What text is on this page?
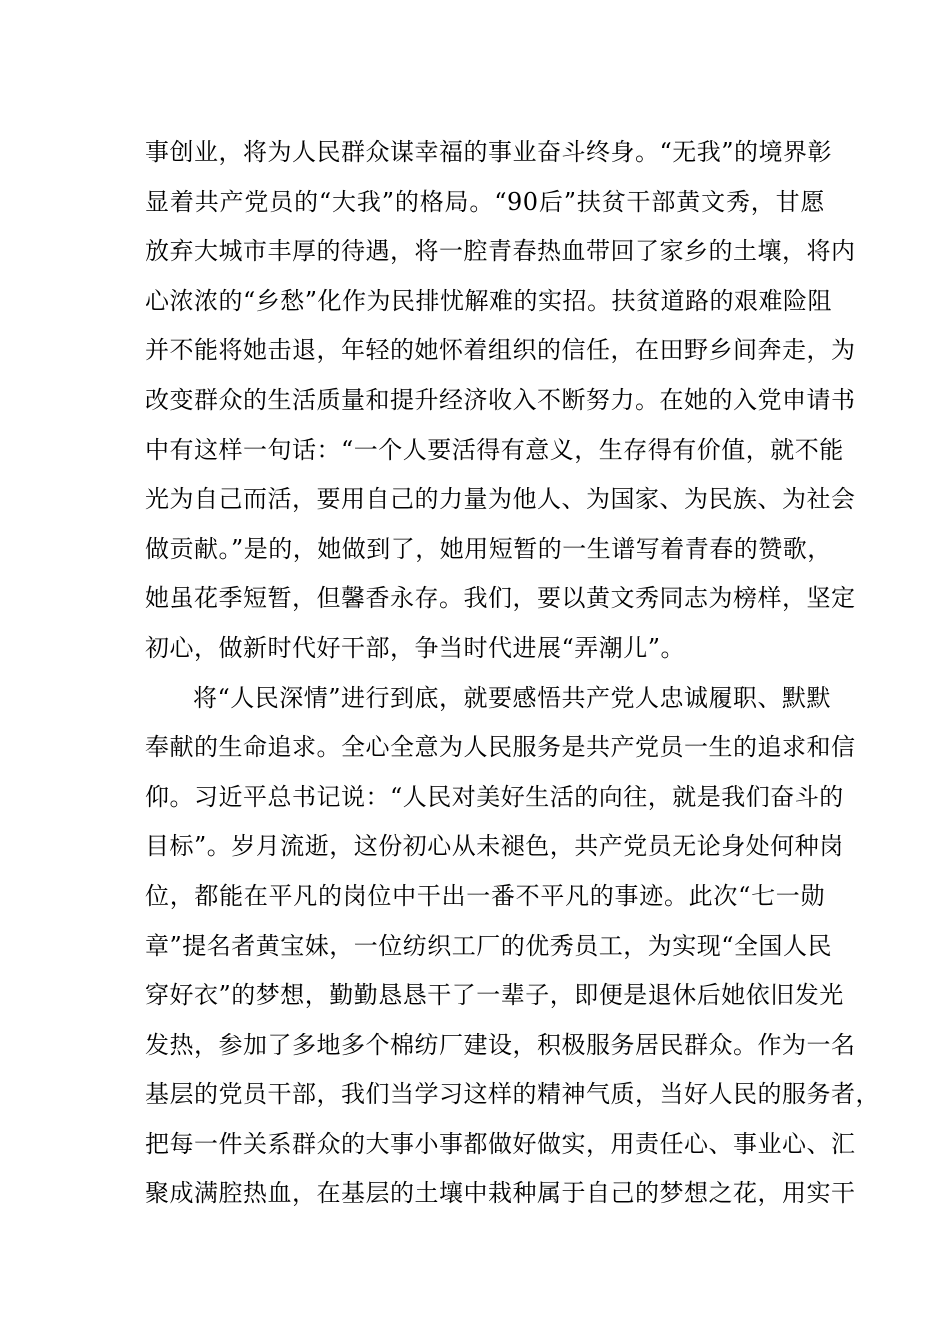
事创业，将为人民群众谋幸福的事业奋斗终身。“无我”的境界彰
显着共产党员的“大我”的格局。“90后”扶贫干部黄文秀，甘愿
放弃大城市丰厚的待遇，将一腔青春热血带回了家乡的土壤，将内
心浓浓的“乡愁”化作为民排忧解难的实招。扶贫道路的艰难险阻
并不能将她击退，年轻的她怀着组织的信任，在田野乡间奔走，为
改变群众的生活质量和提升经济收入不断努力。在她的入党申请书
中有这样一句话：“一个人要活得有意义，生存得有价值，就不能
光为自己而活，要用自己的力量为他人、为国家、为民族、为社会
做贡献。”是的，她做到了，她用短暂的一生谱写着青春的赞歌，
她虽花季短暂，但馨香永存。我们，要以黄文秀同志为榜样，坚定
初心，做新时代好干部，争当时代进展“弄潮儿”。
将“人民深情”进行到底，就要感悟共产党人忠诚履职、默默
奉献的生命追求。全心全意为人民服务是共产党员一生的追求和信
仰。习近平总书记说：“人民对美好生活的向往，就是我们奋斗的
目标”。岁月流逝，这份初心从未褪色，共产党员无论身处何种岗
位，都能在平凡的岗位中干出一番不平凡的事迹。此次“七一勋
章”提名者黄宝妹，一位纺织工厂的优秀员工，为实现“全国人民
穿好衣”的梦想，勤勤恳恳干了一辈子，即便是退休后她依旧发光
发热，参加了多地多个棉纺厂建设，积极服务居民群众。作为一名
基层的党员干部，我们当学习这样的精神气质，当好人民的服务者，
把每一件关系群众的大事小事都做好做实，用责任心、事业心、汇
聚成满腔热血，在基层的土壤中栽种属于自己的梦想之花，用实干
